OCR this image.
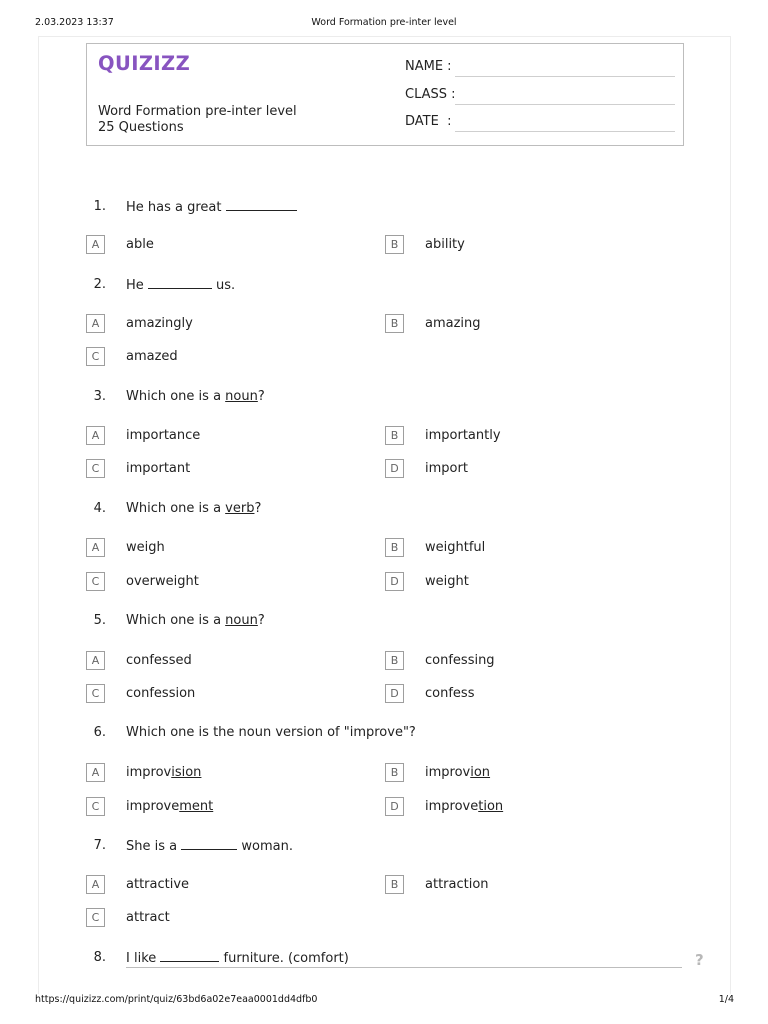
Word Formation pre-inter level
2.03.2023 13:37
QUIZIZZ
Word Formation pre-inter level
25 Questions
NAME :
CLASS :
DATE  :
1. He has a great
A	able	B	ability
2. He	us.
A	amazingly	B	amazing
C	amazed
3. Which one is a noun?
A	importance	B	importantly
C	important	D	import
4. Which one is a verb?
A	weigh	B	weightful
C	overweight	D	weight
5. Which one is a noun?
A	confessed	B	confessing
C	confession	D	confess
6. Which one is the noun version of "improve"?
A	improvision	B	improvion
C	improvement	D	improvetion
7. She is a	woman.
A	attractive	B	attraction
C	attract
8. I like	furniture. (comfort)	?
https://quizizz.com/print/quiz/63bd6a02e7eaa0001dd4dfb0	1/4
